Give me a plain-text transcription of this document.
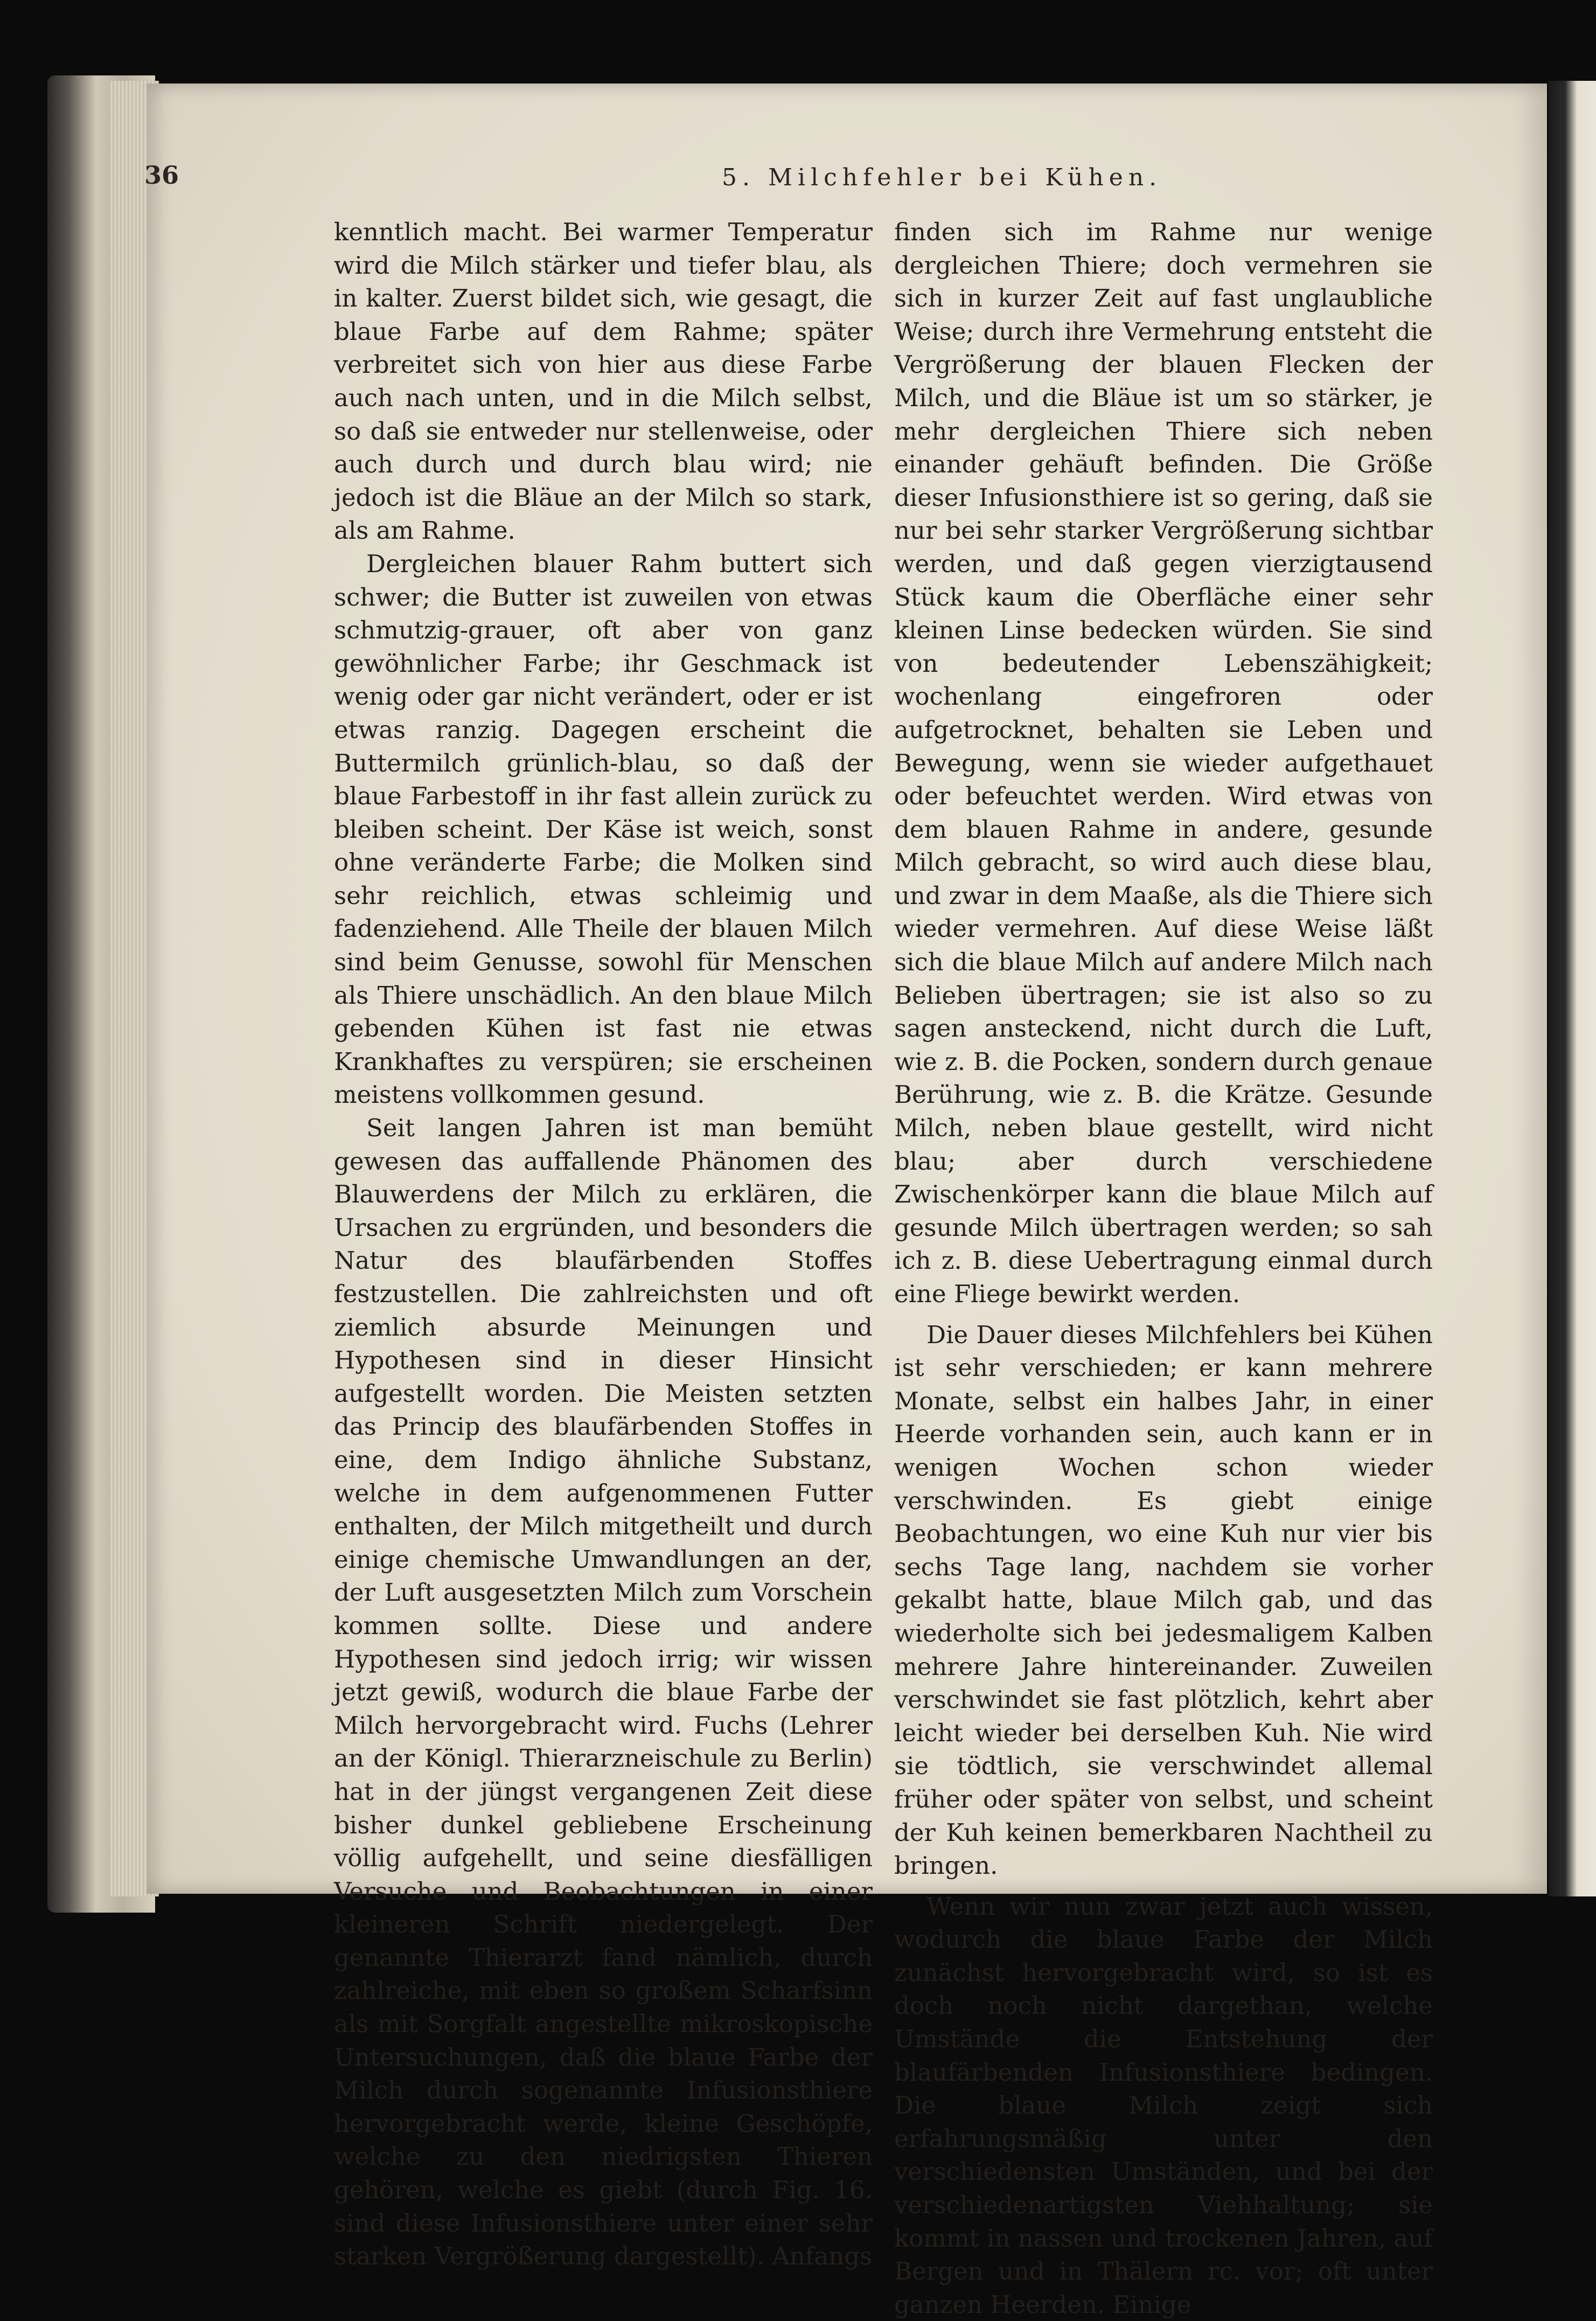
36	5. Milchfehler bei Kühen.

kenntlich macht. Bei warmer Temperatur wird die Milch stärker und tiefer blau, als in kalter. Zuerst bildet sich, wie gesagt, die blaue Farbe auf dem Rahme; später verbreitet sich von hier aus diese Farbe auch nach unten, und in die Milch selbst, so daß sie entweder nur stellenweise, oder auch durch und durch blau wird; nie jedoch ist die Bläue an der Milch so stark, als am Rahme.

Dergleichen blauer Rahm buttert sich schwer; die Butter ist zuweilen von etwas schmutzig-grauer, oft aber von ganz gewöhnlicher Farbe; ihr Geschmack ist wenig oder gar nicht verändert, oder er ist etwas ranzig. Dagegen erscheint die Buttermilch grünlich-blau, so daß der blaue Farbestoff in ihr fast allein zurück zu bleiben scheint. Der Käse ist weich, sonst ohne veränderte Farbe; die Molken sind sehr reichlich, etwas schleimig und fadenziehend. Alle Theile der blauen Milch sind beim Genusse, sowohl für Menschen als Thiere unschädlich. An den blaue Milch gebenden Kühen ist fast nie etwas Krankhaftes zu verspüren; sie erscheinen meistens vollkommen gesund.

Seit langen Jahren ist man bemüht gewesen das auffallende Phänomen des Blauwerdens der Milch zu erklären, die Ursachen zu ergründen, und besonders die Natur des blaufärbenden Stoffes festzustellen. Die zahlreichsten und oft ziemlich absurde Meinungen und Hypothesen sind in dieser Hinsicht aufgestellt worden. Die Meisten setzten das Princip des blaufärbenden Stoffes in eine, dem Indigo ähnliche Substanz, welche in dem aufgenommenen Futter enthalten, der Milch mitgetheilt und durch einige chemische Umwandlungen an der, der Luft ausgesetzten Milch zum Vorschein kommen sollte. Diese und andere Hypothesen sind jedoch irrig; wir wissen jetzt gewiß, wodurch die blaue Farbe der Milch hervorgebracht wird. Fuchs (Lehrer an der Königl. Thierarzneischule zu Berlin) hat in der jüngst vergangenen Zeit diese bisher dunkel gebliebene Erscheinung völlig aufgehellt, und seine diesfälligen Versuche und Beobachtungen in einer kleineren Schrift niedergelegt. Der genannte Thierarzt fand nämlich, durch zahlreiche, mit eben so großem Scharfsinn als mit Sorgfalt angestellte mikroskopische Untersuchungen, daß die blaue Farbe der Milch durch sogenannte Infusionsthiere hervorgebracht werde, kleine Geschöpfe, welche zu den niedrigsten Thieren gehören, welche es giebt (durch Fig. 16. sind diese Infusionsthiere unter einer sehr starken Vergrößerung dargestellt). Anfangs

finden sich im Rahme nur wenige dergleichen Thiere; doch vermehren sie sich in kurzer Zeit auf fast unglaubliche Weise; durch ihre Vermehrung entsteht die Vergrößerung der blauen Flecken der Milch, und die Bläue ist um so stärker, je mehr dergleichen Thiere sich neben einander gehäuft befinden. Die Größe dieser Infusionsthiere ist so gering, daß sie nur bei sehr starker Vergrößerung sichtbar werden, und daß gegen vierzigtausend Stück kaum die Oberfläche einer sehr kleinen Linse bedecken würden. Sie sind von bedeutender Lebenszähigkeit; wochenlang eingefroren oder aufgetrocknet, behalten sie Leben und Bewegung, wenn sie wieder aufgethauet oder befeuchtet werden. Wird etwas von dem blauen Rahme in andere, gesunde Milch gebracht, so wird auch diese blau, und zwar in dem Maaße, als die Thiere sich wieder vermehren. Auf diese Weise läßt sich die blaue Milch auf andere Milch nach Belieben übertragen; sie ist also so zu sagen ansteckend, nicht durch die Luft, wie z. B. die Pocken, sondern durch genaue Berührung, wie z. B. die Krätze. Gesunde Milch, neben blaue gestellt, wird nicht blau; aber durch verschiedene Zwischenkörper kann die blaue Milch auf gesunde Milch übertragen werden; so sah ich z. B. diese Uebertragung einmal durch eine Fliege bewirkt werden.

Die Dauer dieses Milchfehlers bei Kühen ist sehr verschieden; er kann mehrere Monate, selbst ein halbes Jahr, in einer Heerde vorhanden sein, auch kann er in wenigen Wochen schon wieder verschwinden. Es giebt einige Beobachtungen, wo eine Kuh nur vier bis sechs Tage lang, nachdem sie vorher gekalbt hatte, blaue Milch gab, und das wiederholte sich bei jedesmaligem Kalben mehrere Jahre hintereinander. Zuweilen verschwindet sie fast plötzlich, kehrt aber leicht wieder bei derselben Kuh. Nie wird sie tödtlich, sie verschwindet allemal früher oder später von selbst, und scheint der Kuh keinen bemerkbaren Nachtheil zu bringen.

Wenn wir nun zwar jetzt auch wissen, wodurch die blaue Farbe der Milch zunächst hervorgebracht wird, so ist es doch noch nicht dargethan, welche Umstände die Entstehung der blaufärbenden Infusionsthiere bedingen. Die blaue Milch zeigt sich erfahrungsmäßig unter den verschiedensten Umständen, und bei der verschiedenartigsten Viehhaltung; sie kommt in nassen und trockenen Jahren, auf Bergen und in Thälern rc. vor; oft unter ganzen Heerden. Einige
